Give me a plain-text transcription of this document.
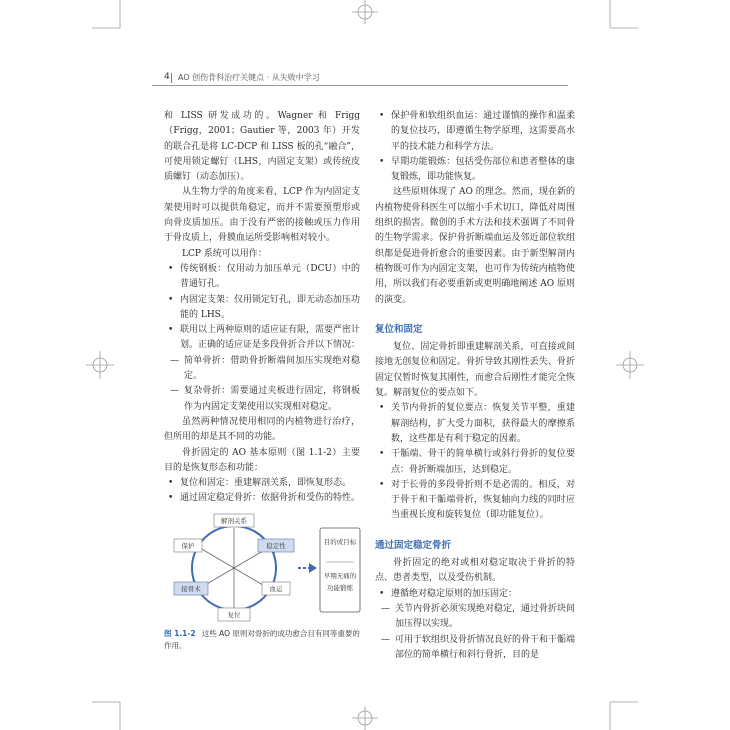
4 AO 创伤骨科治疗关键点 · 从失败中学习

和 LISS 研发成功的。Wagner 和 Frigg（Frigg，2001；Gautier 等，2003 年）开发的联合孔是将 LC-DCP 和 LISS 板的孔“融合”，可使用锁定螺钉（LHS，内固定支架）或传统皮质螺钉（动态加压）。

从生物力学的角度来看，LCP 作为内固定支架使用时可以提供角稳定，而并不需要预塑形或向骨皮质加压。由于没有严密的接触或压力作用于骨皮质上，骨膜血运所受影响相对较小。

LCP 系统可以用作：

• 传统钢板：仅用动力加压单元（DCU）中的普通钉孔。
• 内固定支架：仅用锁定钉孔，即无动态加压功能的 LHS。
• 联用以上两种原则的适应证有限，需要严密计划。正确的适应证是多段骨折合并以下情况：
— 简单骨折：借助骨折断端间加压实现绝对稳定。
— 复杂骨折：需要通过夹板进行固定，将钢板作为内固定支架使用以实现相对稳定。

虽然两种情况使用相同的内植物进行治疗，但所用的却是其不同的功能。

骨折固定的 AO 基本原则（图 1.1-2）主要目的是恢复形态和功能：

• 复位和固定：重建解剖关系，即恢复形态。
• 通过固定稳定骨折：依据骨折和受伤的特性。
解剖关系
稳定性
血运
复位
接骨术
保护	目的或目标
早期无痛的
功能锻炼
图 1.1-2 这些 AO 原则对骨折的成功愈合目有同等重要的作用。
• 保护骨和软组织血运：通过谨慎的操作和温柔的复位技巧，即遵循生物学原理，这需要高水平的技术能力和科学方法。
• 早期功能锻炼：包括受伤部位和患者整体的康复锻炼，即功能恢复。

这些原则体现了 AO 的理念。然而，现在新的内植物使骨科医生可以缩小手术切口，降低对周围组织的损害。微创的手术方法和技术强调了不同骨的生物学需求。保护骨折断端血运及邻近部位软组织都是促进骨折愈合的重要因素。由于新型解剖内植物既可作为内固定支架，也可作为传统内植物使用，所以我们有必要重新或更明确地阐述 AO 原则的演变。

复位和固定

复位、固定骨折即重建解剖关系，可直接或间接地无创复位和固定。骨折导致其刚性丢失、骨折固定仅暂时恢复其刚性，而愈合后刚性才能完全恢复。解剖复位的要点如下。

• 关节内骨折的复位要点：恢复关节平整，重建解剖结构，扩大受力面积，获得最大的摩擦系数，这些都是有利于稳定的因素。
• 干骺端、骨干的简单横行或斜行骨折的复位要点：骨折断端加压，达到稳定。
• 对于长骨的多段骨折则不是必需的。相反，对于骨干和干骺端骨折，恢复轴向力线的同时应当重视长度和旋转复位（即功能复位）。
通过固定稳定骨折

骨折固定的绝对或相对稳定取决于骨折的特点、患者类型，以及受伤机制。

• 遵循绝对稳定原则的加压固定：
— 关节内骨折必须实现绝对稳定，通过骨折块间加压得以实现。
— 可用于软组织及骨折情况良好的骨干和干骺端部位的简单横行和斜行骨折，目的是
